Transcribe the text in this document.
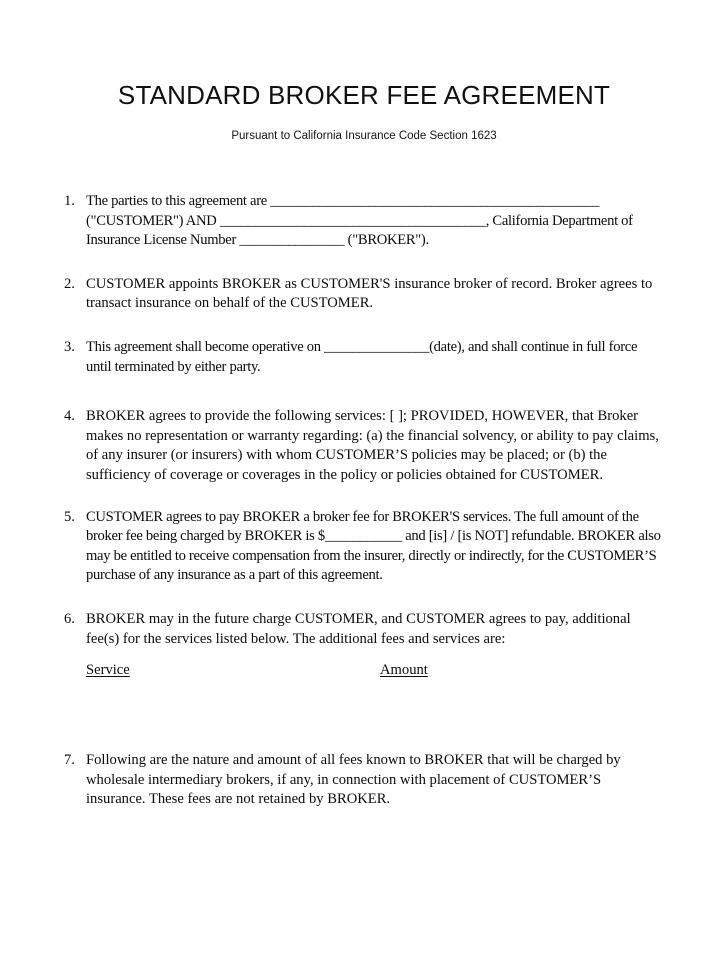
STANDARD BROKER FEE AGREEMENT
Pursuant to California Insurance Code Section 1623
1. The parties to this agreement are _______________________________________________ ("CUSTOMER") AND ______________________________________, California Department of Insurance License Number _______________ ("BROKER").
2. CUSTOMER appoints BROKER as CUSTOMER'S insurance broker of record. Broker agrees to transact insurance on behalf of the CUSTOMER.
3. This agreement shall become operative on _______________(date), and shall continue in full force until terminated by either party.
4. BROKER agrees to provide the following services: [ ]; PROVIDED, HOWEVER, that Broker makes no representation or warranty regarding: (a) the financial solvency, or ability to pay claims, of any insurer (or insurers) with whom CUSTOMER’S policies may be placed; or (b) the sufficiency of coverage or coverages in the policy or policies obtained for CUSTOMER.
5. CUSTOMER agrees to pay BROKER a broker fee for BROKER'S services. The full amount of the broker fee being charged by BROKER is $___________ and [is] / [is NOT] refundable. BROKER also may be entitled to receive compensation from the insurer, directly or indirectly, for the CUSTOMER’S purchase of any insurance as a part of this agreement.
6. BROKER may in the future charge CUSTOMER, and CUSTOMER agrees to pay, additional fee(s) for the services listed below. The additional fees and services are:
Service	Amount
7. Following are the nature and amount of all fees known to BROKER that will be charged by wholesale intermediary brokers, if any, in connection with placement of CUSTOMER’S insurance. These fees are not retained by BROKER.
